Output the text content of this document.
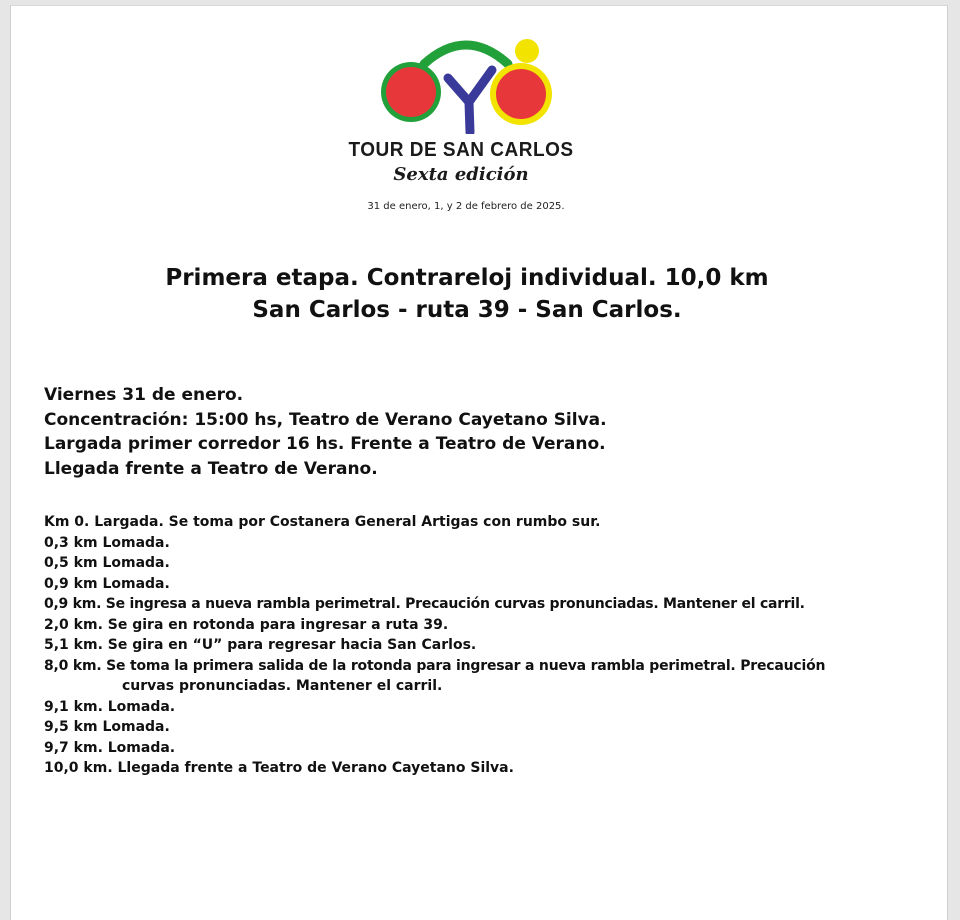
TOUR DE SAN CARLOS
Sexta edición
31 de enero, 1, y 2 de febrero de 2025.
Primera etapa. Contrareloj individual. 10,0 km
San Carlos - ruta 39 - San Carlos.
Viernes 31 de enero.
Concentración: 15:00 hs, Teatro de Verano Cayetano Silva.
Largada primer corredor 16 hs. Frente a Teatro de Verano.
Llegada frente a Teatro de Verano.
Km 0. Largada. Se toma por Costanera General Artigas con rumbo sur.
0,3 km Lomada.
0,5 km Lomada.
0,9 km Lomada.
0,9 km. Se ingresa a nueva rambla perimetral. Precaución curvas pronunciadas. Mantener el carril.
2,0 km. Se gira en rotonda para ingresar a ruta 39.
5,1 km. Se gira en “U” para regresar hacia San Carlos.
8,0 km. Se toma la primera salida de la rotonda para ingresar a nueva rambla perimetral. Precaución
curvas pronunciadas. Mantener el carril.
9,1 km. Lomada.
9,5 km Lomada.
9,7 km. Lomada.
10,0 km. Llegada frente a Teatro de Verano Cayetano Silva.
